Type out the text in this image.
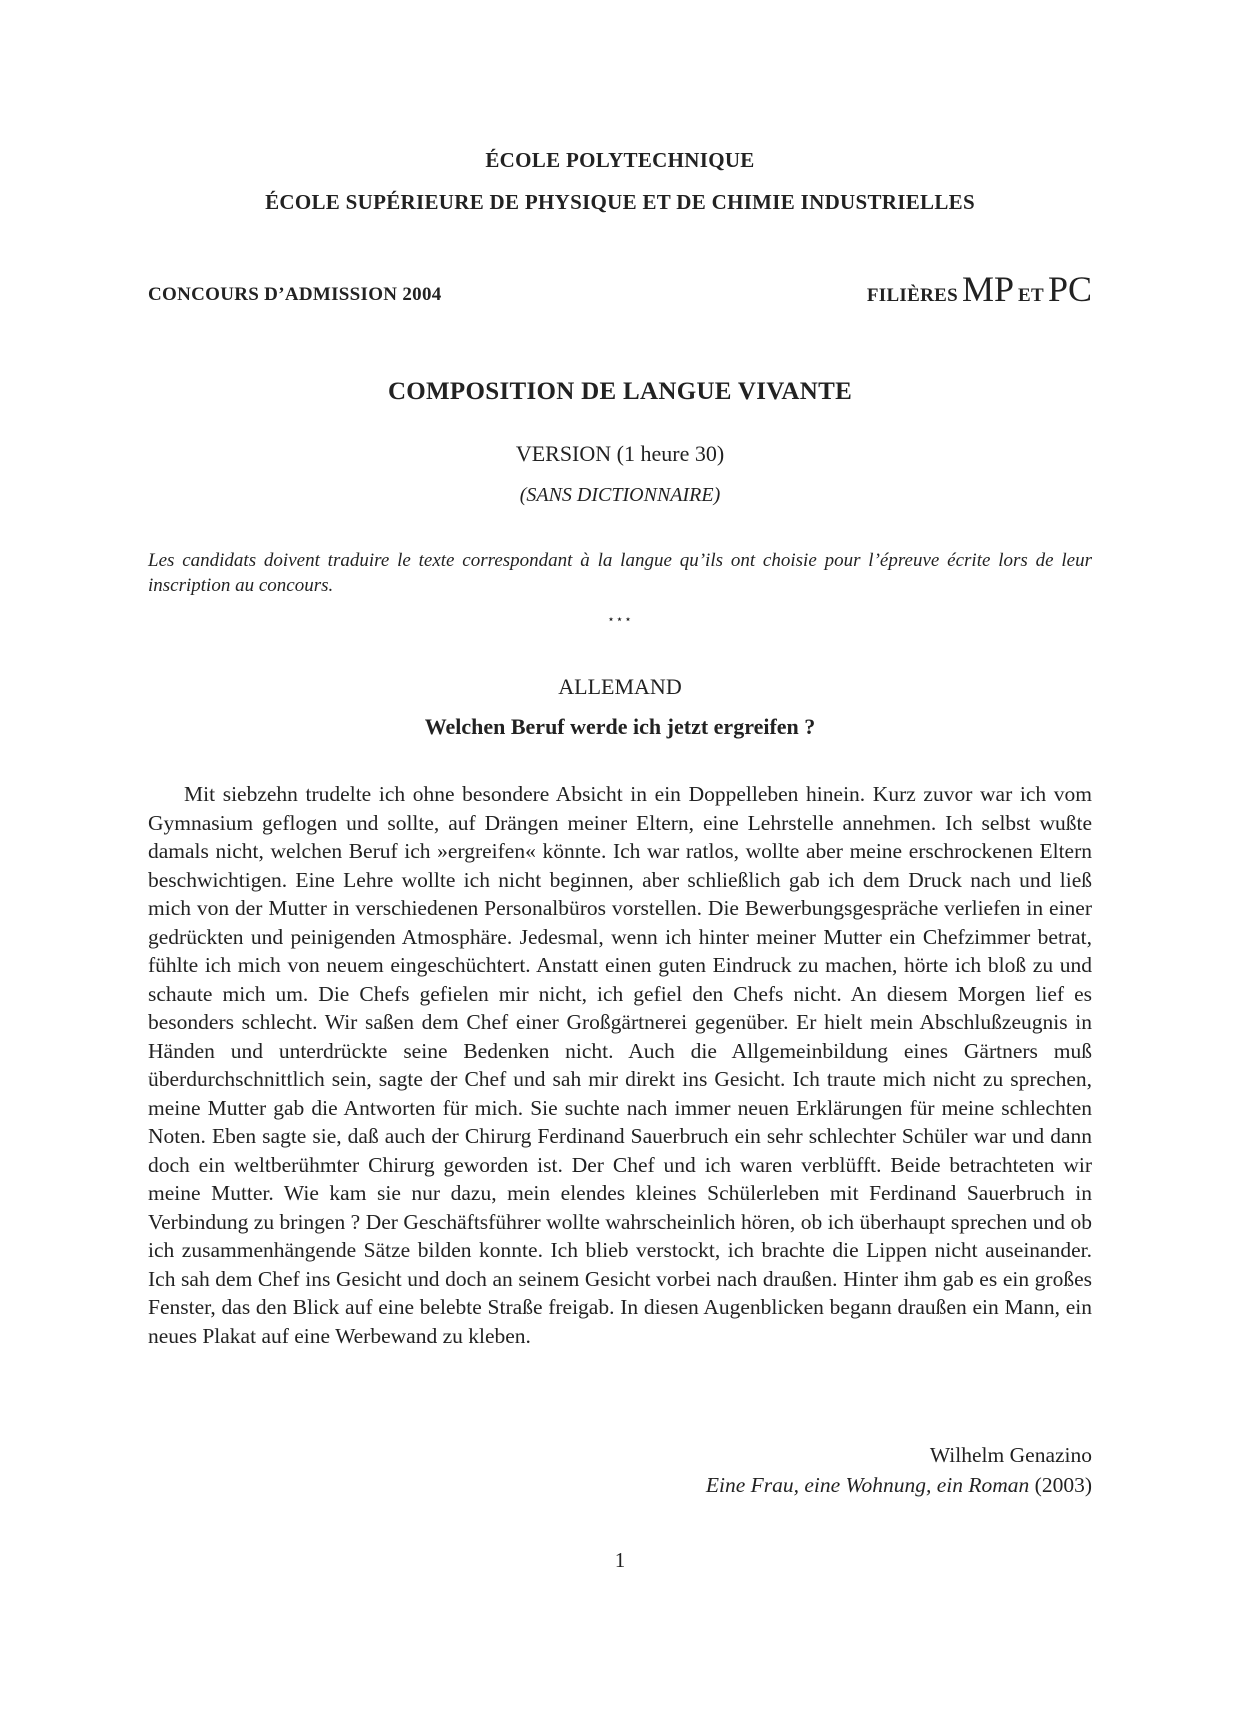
ÉCOLE POLYTECHNIQUE
ÉCOLE SUPÉRIEURE DE PHYSIQUE ET DE CHIMIE INDUSTRIELLES
CONCOURS D’ADMISSION 2004	FILIÈRES MP ET PC
COMPOSITION DE LANGUE VIVANTE
VERSION (1 heure 30)
(SANS DICTIONNAIRE)
Les candidats doivent traduire le texte correspondant à la langue qu’ils ont choisie pour l’épreuve écrite lors de leur inscription au concours.
⋆⋆⋆
ALLEMAND
Welchen Beruf werde ich jetzt ergreifen ?
Mit siebzehn trudelte ich ohne besondere Absicht in ein Doppelleben hinein. Kurz zuvor war ich vom Gymnasium geflogen und sollte, auf Drängen meiner Eltern, eine Lehrstelle annehmen. Ich selbst wußte damals nicht, welchen Beruf ich »ergreifen« könnte. Ich war ratlos, wollte aber meine erschrockenen Eltern beschwichtigen. Eine Lehre wollte ich nicht beginnen, aber schließlich gab ich dem Druck nach und ließ mich von der Mutter in verschiedenen Personalbüros vorstellen. Die Bewerbungsgespräche verliefen in einer gedrückten und peinigenden Atmosphäre. Jedesmal, wenn ich hinter meiner Mutter ein Chefzimmer betrat, fühlte ich mich von neuem eingeschüchtert. Anstatt einen guten Eindruck zu machen, hörte ich bloß zu und schaute mich um. Die Chefs gefielen mir nicht, ich gefiel den Chefs nicht. An diesem Morgen lief es besonders schlecht. Wir saßen dem Chef einer Großgärtnerei gegenüber. Er hielt mein Abschlußzeugnis in Händen und unterdrückte seine Bedenken nicht. Auch die Allgemeinbildung eines Gärtners muß überdurchschnittlich sein, sagte der Chef und sah mir direkt ins Gesicht. Ich traute mich nicht zu sprechen, meine Mutter gab die Antworten für mich. Sie suchte nach immer neuen Erklärungen für meine schlechten Noten. Eben sagte sie, daß auch der Chirurg Ferdinand Sauerbruch ein sehr schlechter Schüler war und dann doch ein weltberühmter Chirurg geworden ist. Der Chef und ich waren verblüfft. Beide betrachteten wir meine Mutter. Wie kam sie nur dazu, mein elendes kleines Schülerleben mit Ferdinand Sauerbruch in Verbindung zu bringen ? Der Geschäftsführer wollte wahrscheinlich hören, ob ich überhaupt sprechen und ob ich zusammenhängende Sätze bilden konnte. Ich blieb verstockt, ich brachte die Lippen nicht auseinander. Ich sah dem Chef ins Gesicht und doch an seinem Gesicht vorbei nach draußen. Hinter ihm gab es ein großes Fenster, das den Blick auf eine belebte Straße freigab. In diesen Augenblicken begann draußen ein Mann, ein neues Plakat auf eine Werbewand zu kleben.
Wilhelm Genazino
Eine Frau, eine Wohnung, ein Roman (2003)
1
